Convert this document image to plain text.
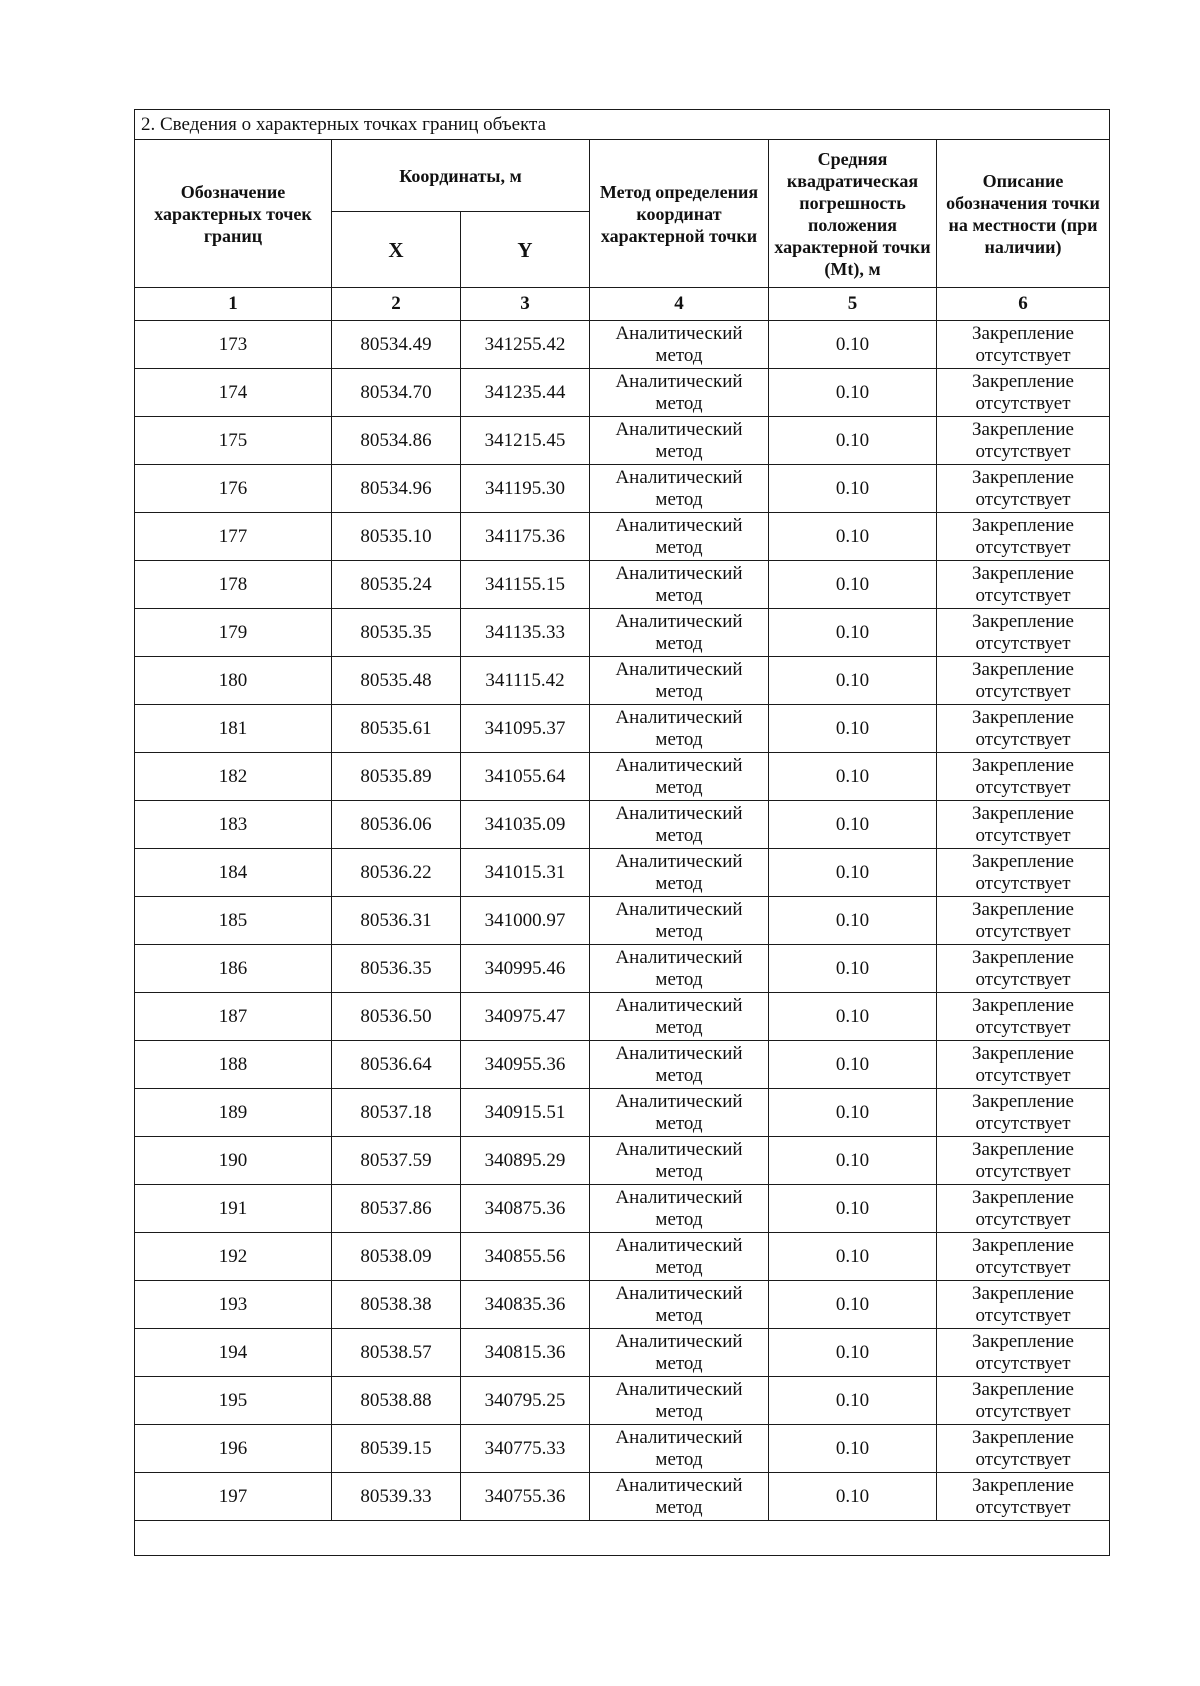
2. Сведения о характерных точках границ объекта					
Обозначение характерных точек границ	Координаты, м		Метод определения координат характерной точки	Средняя квадратическая погрешность положения характерной точки (Mt), м	Описание обозначения точки на местности (при наличии)
	X	Y			
1	2	3	4	5	6
173	80534.49	341255.42	Аналитический метод	0.10	Закрепление отсутствует
174	80534.70	341235.44	Аналитический метод	0.10	Закрепление отсутствует
175	80534.86	341215.45	Аналитический метод	0.10	Закрепление отсутствует
176	80534.96	341195.30	Аналитический метод	0.10	Закрепление отсутствует
177	80535.10	341175.36	Аналитический метод	0.10	Закрепление отсутствует
178	80535.24	341155.15	Аналитический метод	0.10	Закрепление отсутствует
179	80535.35	341135.33	Аналитический метод	0.10	Закрепление отсутствует
180	80535.48	341115.42	Аналитический метод	0.10	Закрепление отсутствует
181	80535.61	341095.37	Аналитический метод	0.10	Закрепление отсутствует
182	80535.89	341055.64	Аналитический метод	0.10	Закрепление отсутствует
183	80536.06	341035.09	Аналитический метод	0.10	Закрепление отсутствует
184	80536.22	341015.31	Аналитический метод	0.10	Закрепление отсутствует
185	80536.31	341000.97	Аналитический метод	0.10	Закрепление отсутствует
186	80536.35	340995.46	Аналитический метод	0.10	Закрепление отсутствует
187	80536.50	340975.47	Аналитический метод	0.10	Закрепление отсутствует
188	80536.64	340955.36	Аналитический метод	0.10	Закрепление отсутствует
189	80537.18	340915.51	Аналитический метод	0.10	Закрепление отсутствует
190	80537.59	340895.29	Аналитический метод	0.10	Закрепление отсутствует
191	80537.86	340875.36	Аналитический метод	0.10	Закрепление отсутствует
192	80538.09	340855.56	Аналитический метод	0.10	Закрепление отсутствует
193	80538.38	340835.36	Аналитический метод	0.10	Закрепление отсутствует
194	80538.57	340815.36	Аналитический метод	0.10	Закрепление отсутствует
195	80538.88	340795.25	Аналитический метод	0.10	Закрепление отсутствует
196	80539.15	340775.33	Аналитический метод	0.10	Закрепление отсутствует
197	80539.33	340755.36	Аналитический метод	0.10	Закрепление отсутствует
